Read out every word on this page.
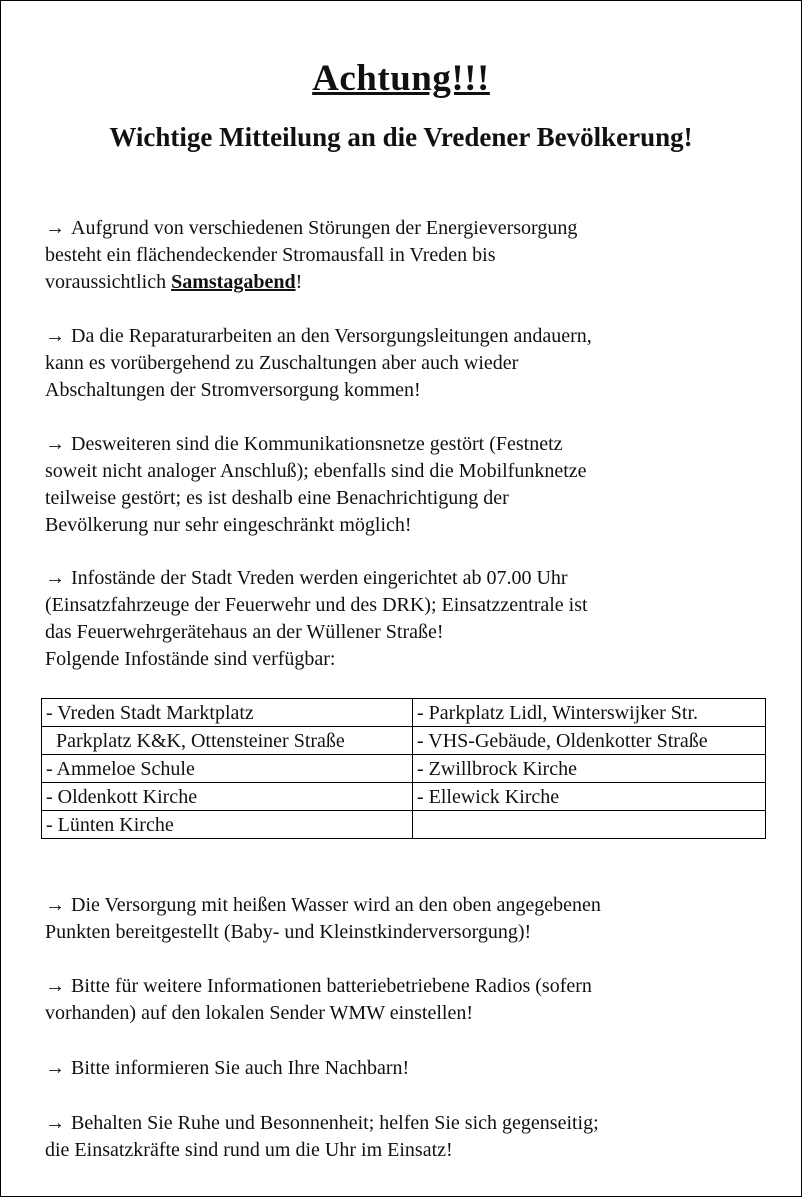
Achtung!!!
Wichtige Mitteilung an die Vredener Bevölkerung!
→ Aufgrund von verschiedenen Störungen der Energieversorgung
besteht ein flächendeckender Stromausfall in Vreden bis
voraussichtlich Samstagabend!
→ Da die Reparaturarbeiten an den Versorgungsleitungen andauern,
kann es vorübergehend zu Zuschaltungen aber auch wieder
Abschaltungen der Stromversorgung kommen!
→ Desweiteren sind die Kommunikationsnetze gestört (Festnetz
soweit nicht analoger Anschluß); ebenfalls sind die Mobilfunknetze
teilweise gestört; es ist deshalb eine Benachrichtigung der
Bevölkerung nur sehr eingeschränkt möglich!
→ Infostände der Stadt Vreden werden eingerichtet ab 07.00 Uhr
(Einsatzfahrzeuge der Feuerwehr und des DRK); Einsatzzentrale ist
das Feuerwehrgerätehaus an der Wüllener Straße!
Folgende Infostände sind verfügbar:
- Vreden Stadt Marktplatz	- Parkplatz Lidl, Winterswijker Str.
Parkplatz K&K, Ottensteiner Straße	- VHS-Gebäude, Oldenkotter Straße
- Ammeloe Schule	- Zwillbrock Kirche
- Oldenkott Kirche	- Ellewick Kirche
- Lünten Kirche	
→ Die Versorgung mit heißen Wasser wird an den oben angegebenen
Punkten bereitgestellt (Baby- und Kleinstkinderversorgung)!
→ Bitte für weitere Informationen batteriebetriebene Radios (sofern
vorhanden) auf den lokalen Sender WMW einstellen!
→ Bitte informieren Sie auch Ihre Nachbarn!
→ Behalten Sie Ruhe und Besonnenheit; helfen Sie sich gegenseitig;
die Einsatzkräfte sind rund um die Uhr im Einsatz!
